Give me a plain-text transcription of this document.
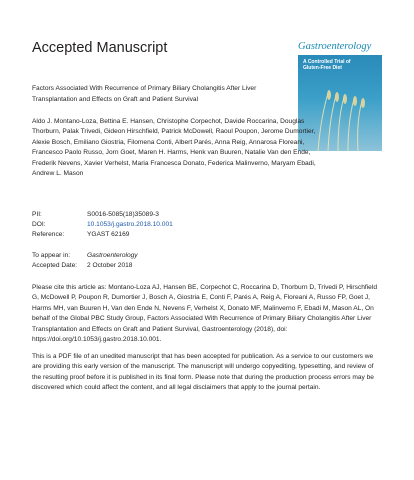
Accepted Manuscript	Gastroenterology
A Controlled Trial of Gluten-Free Diet
Factors Associated With Recurrence of Primary Biliary Cholangitis After Liver Transplantation and Effects on Graft and Patient Survival
Aldo J. Montano-Loza, Bettina E. Hansen, Christophe Corpechot, Davide Roccarina, Douglas Thorburn, Palak Trivedi, Gideon Hirschfield, Patrick McDowell, Raoul Poupon, Jerome Dumortier, Alexie Bosch, Emiliano Giostria, Filomena Conti, Albert Parés, Anna Reig, Annarosa Floreani, Francesco Paolo Russo, Jorn Goet, Maren H. Harms, Henk van Buuren, Natalie Van den Ende, Frederik Nevens, Xavier Verhelst, Maria Francesca Donato, Federica Malinverno, Maryam Ebadi, Andrew L. Mason
PII:	S0016-5085(18)35089-3
DOI:	10.1053/j.gastro.2018.10.001
Reference:	YGAST 62169
To appear in:	Gastroenterology
Accepted Date: 2 October 2018
Please cite this article as: Montano-Loza AJ, Hansen BE, Corpechot C, Roccarina D, Thorburn D, Trivedi P, Hirschfield G, McDowell P, Poupon R, Dumortier J, Bosch A, Giostria E, Conti F, Parés A, Reig A, Floreani A, Russo FP, Goet J, Harms MH, van Buuren H, Van den Ende N, Nevens F, Verhelst X, Donato MF, Malinverno F, Ebadi M, Mason AL, On behalf of the Global PBC Study Group, Factors Associated With Recurrence of Primary Biliary Cholangitis After Liver Transplantation and Effects on Graft and Patient Survival, Gastroenterology (2018), doi: https://doi.org/10.1053/j.gastro.2018.10.001.
This is a PDF file of an unedited manuscript that has been accepted for publication. As a service to our customers we are providing this early version of the manuscript. The manuscript will undergo copyediting, typesetting, and review of the resulting proof before it is published in its final form. Please note that during the production process errors may be discovered which could affect the content, and all legal disclaimers that apply to the journal pertain.
